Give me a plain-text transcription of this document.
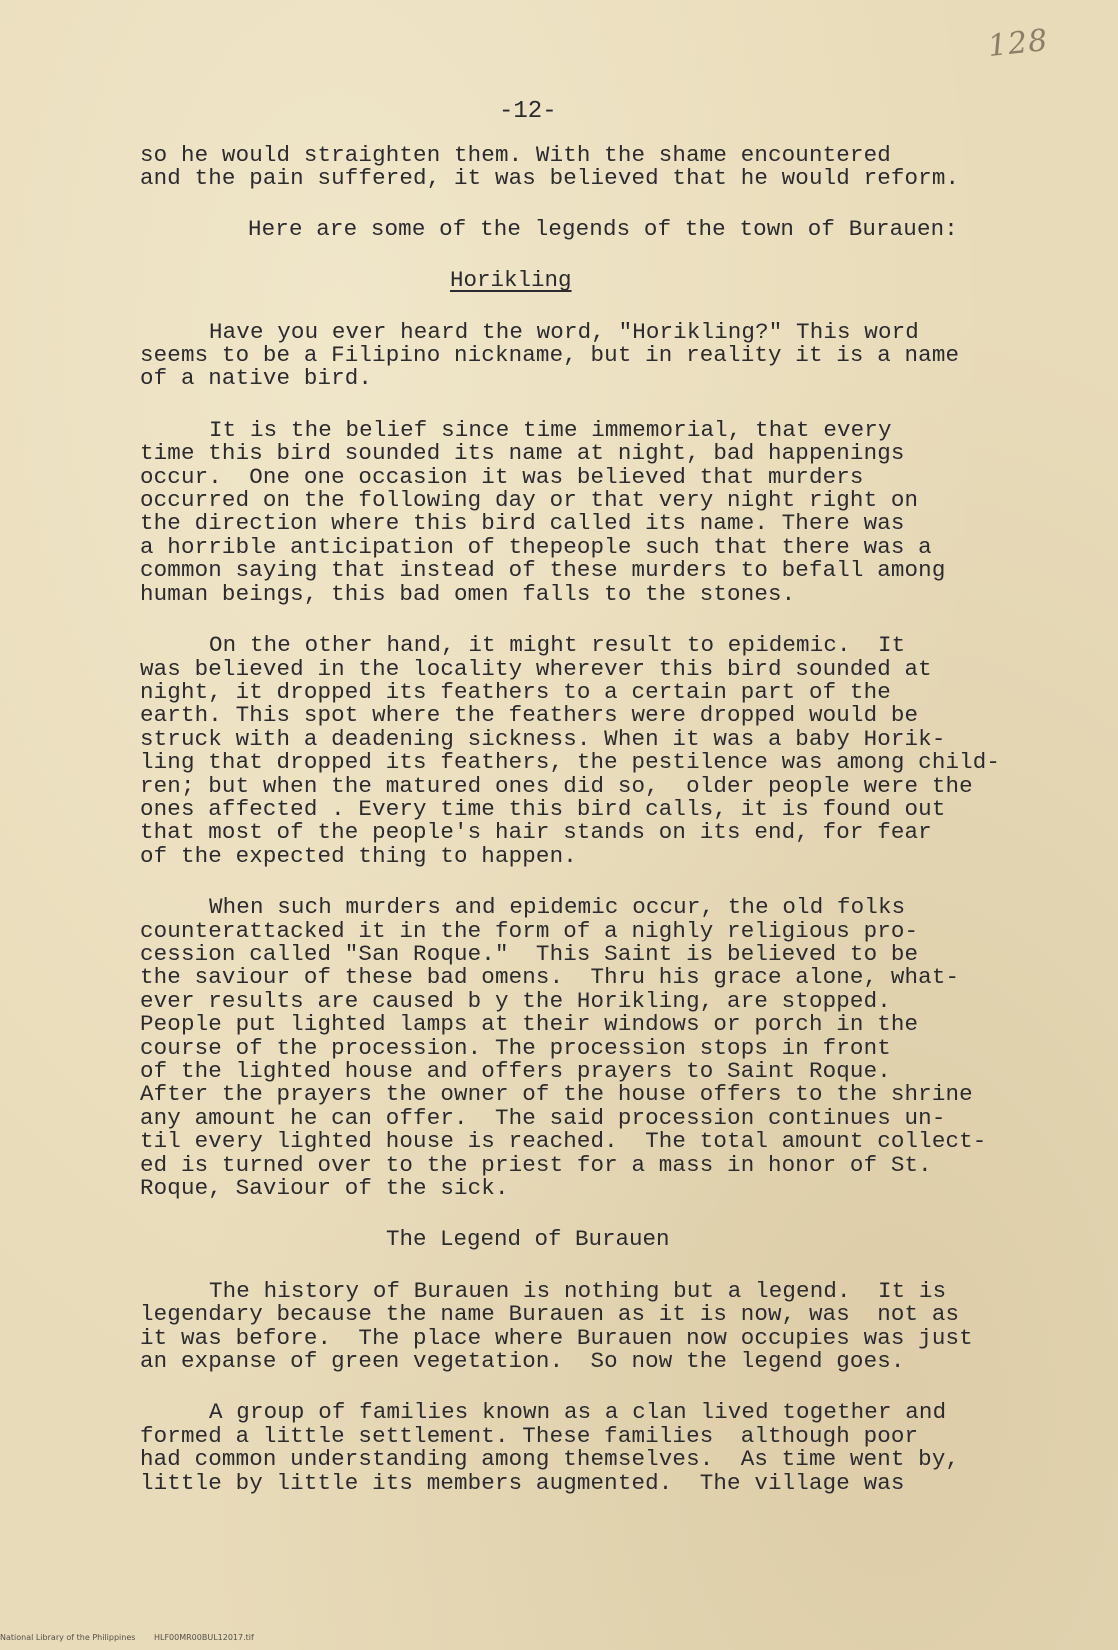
128
-12-
so he would straighten them. With the shame encountered
and the pain suffered, it was believed that he would reform.
Here are some of the legends of the town of Burauen:
Horikling
Have you ever heard the word, "Horikling?" This word
seems to be a Filipino nickname, but in reality it is a name
of a native bird.
It is the belief since time immemorial, that every
time this bird sounded its name at night, bad happenings
occur.  One one occasion it was believed that murders
occurred on the following day or that very night right on
the direction where this bird called its name. There was
a horrible anticipation of thepeople such that there was a
common saying that instead of these murders to befall among
human beings, this bad omen falls to the stones.
On the other hand, it might result to epidemic.  It
was believed in the locality wherever this bird sounded at
night, it dropped its feathers to a certain part of the
earth. This spot where the feathers were dropped would be
struck with a deadening sickness. When it was a baby Horik-
ling that dropped its feathers, the pestilence was among child-
ren; but when the matured ones did so,  older people were the
ones affected . Every time this bird calls, it is found out
that most of the people's hair stands on its end, for fear
of the expected thing to happen.
When such murders and epidemic occur, the old folks
counterattacked it in the form of a nighly religious pro-
cession called "San Roque."  This Saint is believed to be
the saviour of these bad omens.  Thru his grace alone, what-
ever results are caused b y the Horikling, are stopped.
People put lighted lamps at their windows or porch in the
course of the procession. The procession stops in front
of the lighted house and offers prayers to Saint Roque.
After the prayers the owner of the house offers to the shrine
any amount he can offer.  The said procession continues un-
til every lighted house is reached.  The total amount collect-
ed is turned over to the priest for a mass in honor of St.
Roque, Saviour of the sick.
The Legend of Burauen
The history of Burauen is nothing but a legend.  It is
legendary because the name Burauen as it is now, was  not as
it was before.  The place where Burauen now occupies was just
an expanse of green vegetation.  So now the legend goes.
A group of families known as a clan lived together and
formed a little settlement. These families  although poor
had common understanding among themselves.  As time went by,
little by little its members augmented.  The village was
National Library of the Philippines HLF00MR00BUL12017.tif
